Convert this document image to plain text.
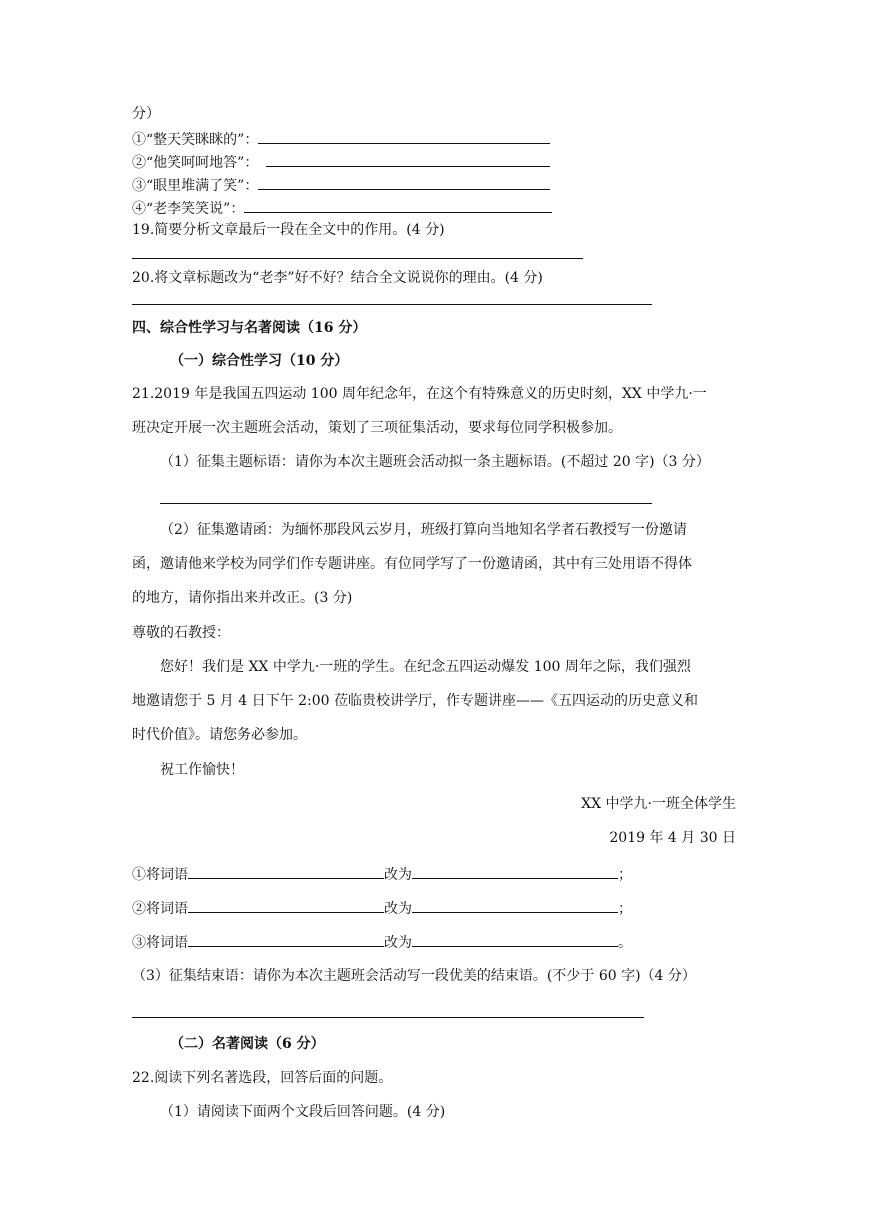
分）
①“整天笑眯眯的”：
②“他笑呵呵地答”：
③“眼里堆满了笑”：
④“老李笑笑说”：
19.简要分析文章最后一段在全文中的作用。(4 分)
20.将文章标题改为“老李”好不好？结合全文说说你的理由。(4 分)
四、综合性学习与名著阅读（16 分）
（一）综合性学习（10 分）
21.2019 年是我国五四运动 100 周年纪念年，在这个有特殊意义的历史时刻，XX 中学九·一
班决定开展一次主题班会活动，策划了三项征集活动，要求每位同学积极参加。
（1）征集主题标语：请你为本次主题班会活动拟一条主题标语。(不超过 20 字)（3 分）
（2）征集邀请函：为缅怀那段风云岁月，班级打算向当地知名学者石教授写一份邀请
函，邀请他来学校为同学们作专题讲座。有位同学写了一份邀请函，其中有三处用语不得体
的地方，请你指出来并改正。(3 分)
尊敬的石教授：
您好！我们是 XX 中学九·一班的学生。在纪念五四运动爆发 100 周年之际，我们强烈
地邀请您于 5 月 4 日下午 2:00 莅临贵校讲学厅，作专题讲座——《五四运动的历史意义和
时代价值》。请您务必参加。
祝工作愉快！
XX 中学九·一班全体学生
2019 年 4 月 30 日
①将词语	改为	；
②将词语	改为	；
③将词语	改为	。
（3）征集结束语：请你为本次主题班会活动写一段优美的结束语。(不少于 60 字)（4 分）
（二）名著阅读（6 分）
22.阅读下列名著选段，回答后面的问题。
（1）请阅读下面两个文段后回答问题。(4 分)
